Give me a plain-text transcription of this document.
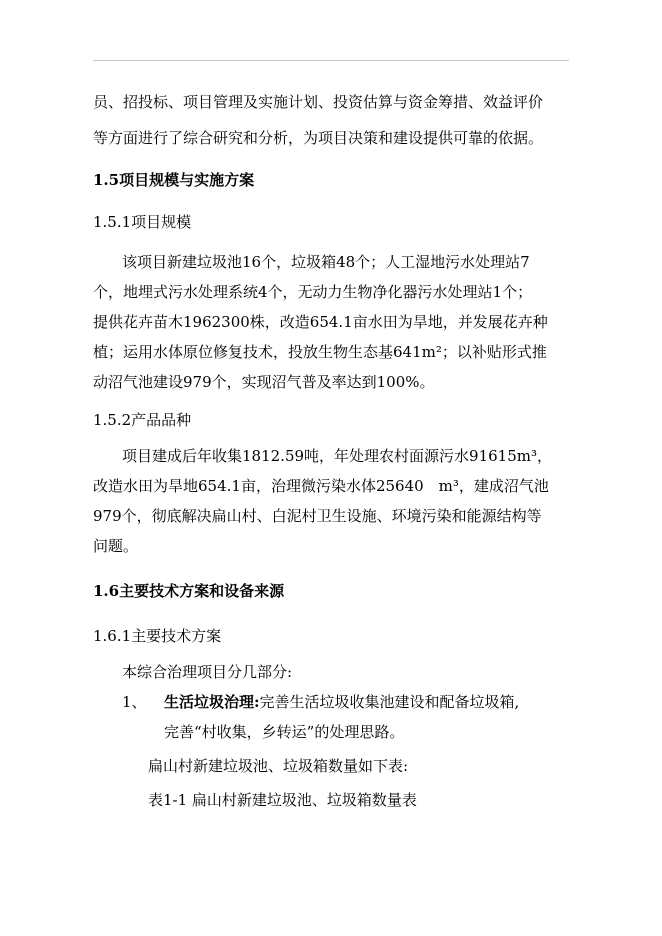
员、招投标、项目管理及实施计划、投资估算与资金筹措、效益评价
等方面进行了综合研究和分析，为项目决策和建设提供可靠的依据。
1.5项目规模与实施方案
1.5.1项目规模
该项目新建垃圾池16个，垃圾箱48个；人工湿地污水处理站7
个，地埋式污水处理系统4个，无动力生物净化器污水处理站1个；
提供花卉苗木1962300株，改造654.1亩水田为旱地，并发展花卉种
植；运用水体原位修复技术，投放生物生态基641m²；以补贴形式推
动沼气池建设979个，实现沼气普及率达到100%。
1.5.2产品品种
项目建成后年收集1812.59吨，年处理农村面源污水91615m³，
改造水田为旱地654.1亩，治理微污染水体25640　m³，建成沼气池
979个，彻底解决扁山村、白泥村卫生设施、环境污染和能源结构等
问题。
1.6主要技术方案和设备来源
1.6.1主要技术方案
本综合治理项目分几部分:
1、 生活垃圾治理:完善生活垃圾收集池建设和配备垃圾箱,
完善“村收集，乡转运”的处理思路。
扁山村新建垃圾池、垃圾箱数量如下表:
表1-1 扁山村新建垃圾池、垃圾箱数量表
